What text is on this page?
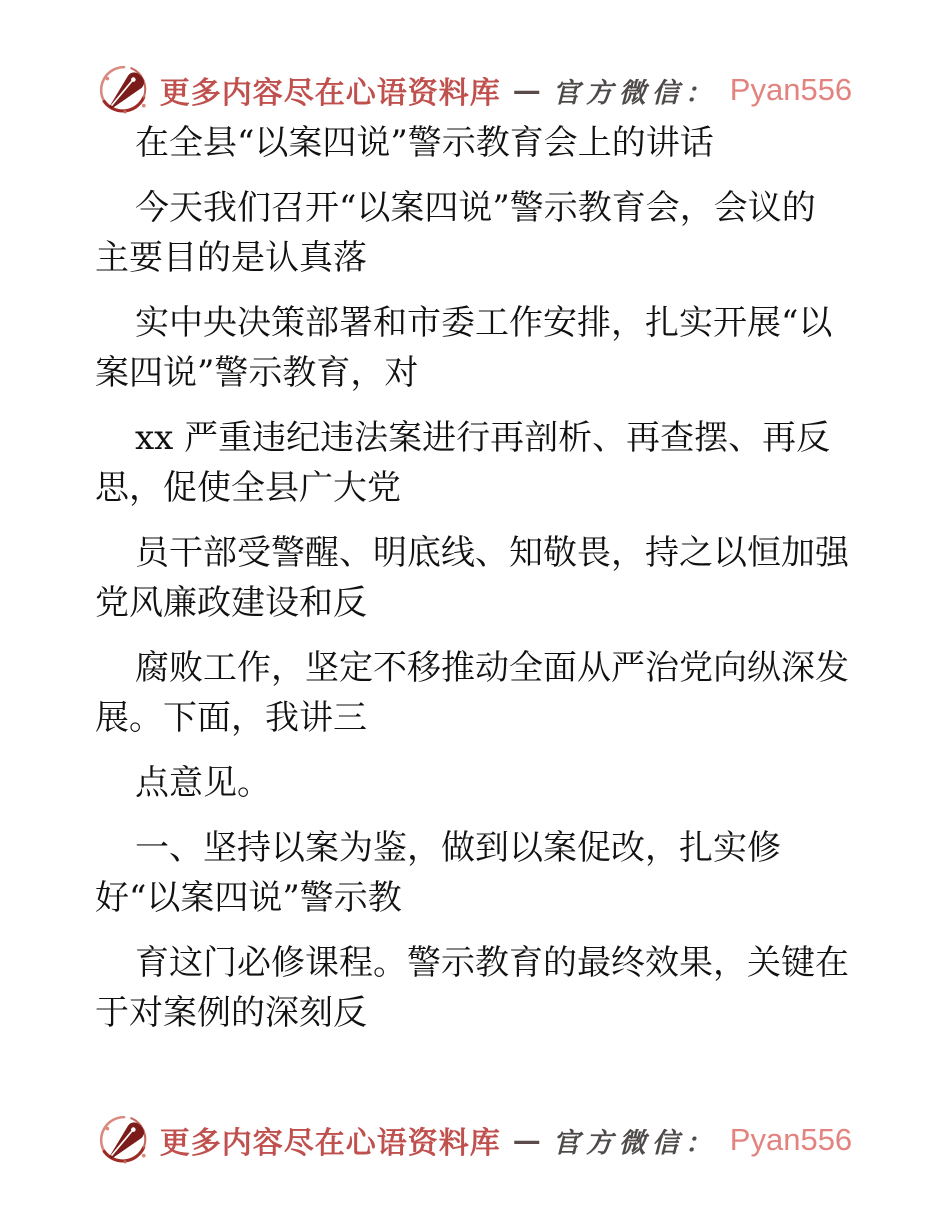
更多内容尽在心语资料库 — 官方微信： Pyan556
在全县“以案四说”警示教育会上的讲话
今天我们召开“以案四说”警示教育会，会议的
主要目的是认真落
实中央决策部署和市委工作安排，扎实开展“以
案四说”警示教育，对
xx 严重违纪违法案进行再剖析、再查摆、再反
思，促使全县广大党
员干部受警醒、明底线、知敬畏，持之以恒加强
党风廉政建设和反
腐败工作，坚定不移推动全面从严治党向纵深发
展。下面，我讲三
点意见。
一、坚持以案为鉴，做到以案促改，扎实修
好“以案四说”警示教
育这门必修课程。警示教育的最终效果，关键在
于对案例的深刻反
更多内容尽在心语资料库 — 官方微信： Pyan556
